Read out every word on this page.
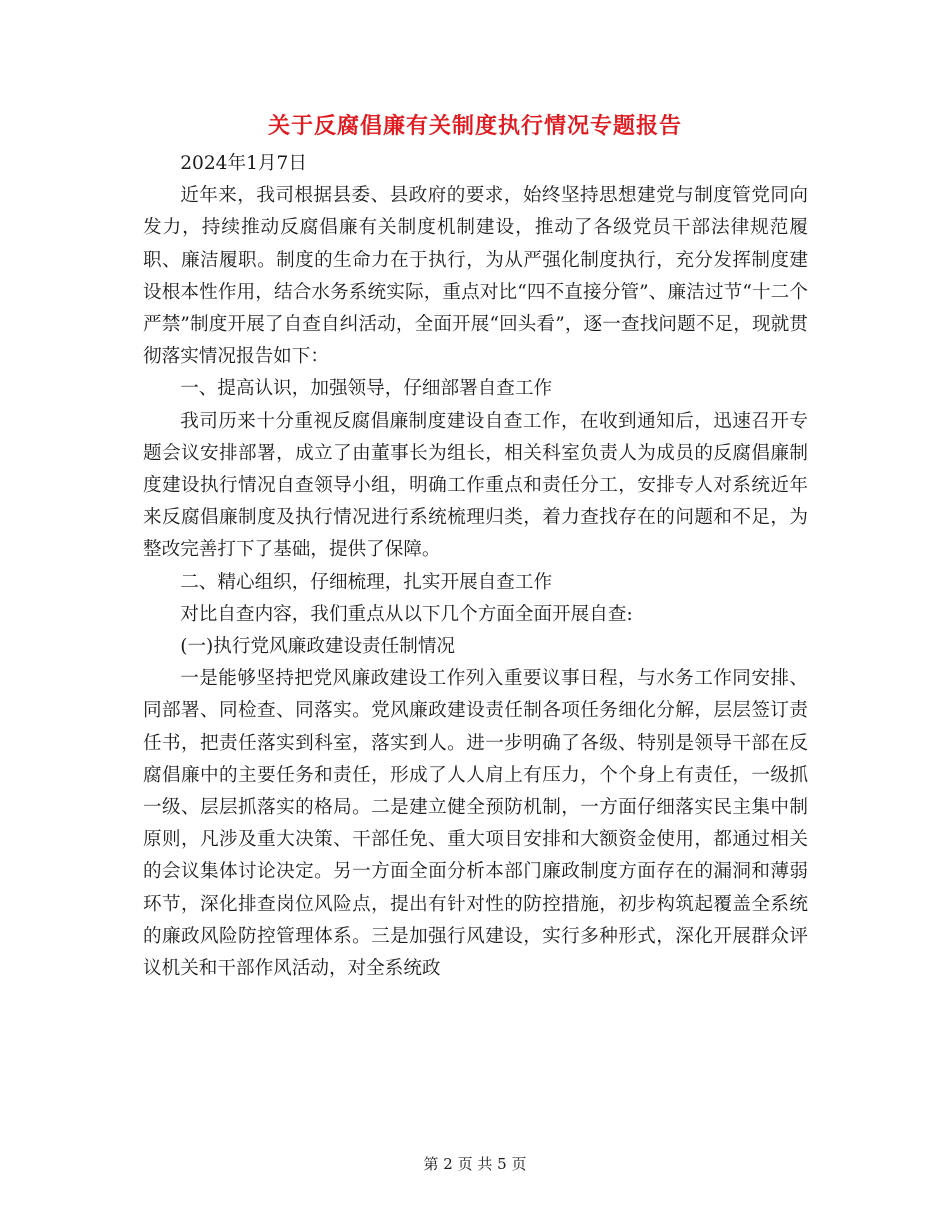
关于反腐倡廉有关制度执行情况专题报告

2024年1月7日

近年来，我司根据县委、县政府的要求，始终坚持思想建党与制度管党同向发力，持续推动反腐倡廉有关制度机制建设，推动了各级党员干部法律规范履职、廉洁履职。制度的生命力在于执行，为从严强化制度执行，充分发挥制度建设根本性作用，结合水务系统实际，重点对比“四不直接分管”、廉洁过节“十二个严禁”制度开展了自查自纠活动，全面开展“回头看”，逐一查找问题不足，现就贯彻落实情况报告如下：

一、提高认识，加强领导，仔细部署自查工作

我司历来十分重视反腐倡廉制度建设自查工作，在收到通知后，迅速召开专题会议安排部署，成立了由董事长为组长，相关科室负责人为成员的反腐倡廉制度建设执行情况自查领导小组，明确工作重点和责任分工，安排专人对系统近年来反腐倡廉制度及执行情况进行系统梳理归类，着力查找存在的问题和不足，为整改完善打下了基础，提供了保障。

二、精心组织，仔细梳理，扎实开展自查工作

对比自查内容，我们重点从以下几个方面全面开展自查:

(一)执行党风廉政建设责任制情况

一是能够坚持把党风廉政建设工作列入重要议事日程，与水务工作同安排、同部署、同检查、同落实。党风廉政建设责任制各项任务细化分解，层层签订责任书，把责任落实到科室，落实到人。进一步明确了各级、特别是领导干部在反腐倡廉中的主要任务和责任，形成了人人肩上有压力，个个身上有责任，一级抓一级、层层抓落实的格局。二是建立健全预防机制，一方面仔细落实民主集中制原则，凡涉及重大决策、干部任免、重大项目安排和大额资金使用，都通过相关的会议集体讨论决定。另一方面全面分析本部门廉政制度方面存在的漏洞和薄弱环节，深化排查岗位风险点，提出有针对性的防控措施，初步构筑起覆盖全系统的廉政风险防控管理体系。三是加强行风建设，实行多种形式，深化开展群众评议机关和干部作风活动，对全系统政

第 2 页 共 5 页
